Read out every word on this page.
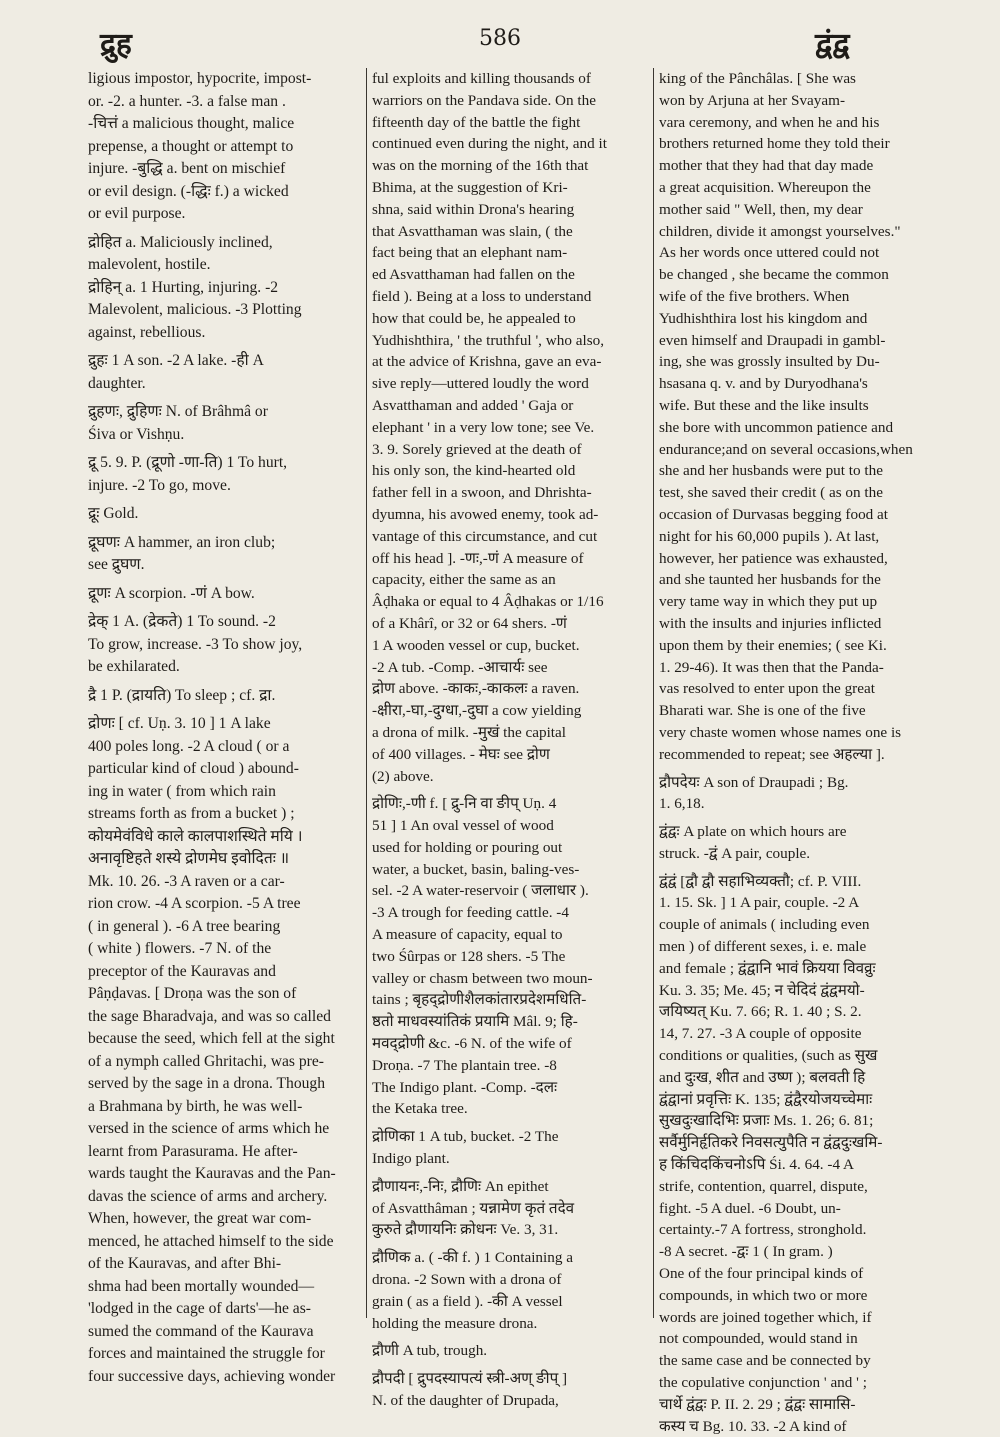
द्रुह	586	द्वंद्व
ligious impostor, hypocrite, impost-
or. -2. a hunter. -3. a false man .
-चित्तं a malicious thought, malice
prepense, a thought or attempt to
injure. -बुद्धि a. bent on mischief
or evil design. (-द्धिः f.) a wicked
or evil purpose.
द्रोहित a. Maliciously inclined,
malevolent, hostile.
द्रोहिन् a. 1 Hurting, injuring. -2
Malevolent, malicious. -3 Plotting
against, rebellious.
द्रुहः 1 A son. -2 A lake. -ही A
daughter.
द्रुहणः, द्रुहिणः N. of Brâhmâ or
Śiva or Vishṇu.
द्रू 5. 9. P. (द्रूणो -णा-ति) 1 To hurt,
injure. -2 To go, move.
द्रूः Gold.
द्रूघणः A hammer, an iron club;
see द्रुघण.
द्रूणः A scorpion. -णं A bow.
द्रेक् 1 A. (द्रेकते) 1 To sound. -2
To grow, increase. -3 To show joy,
be exhilarated.
द्रै 1 P. (द्रायति) To sleep ; cf. द्रा.
द्रोणः [ cf. Uṇ. 3. 10 ] 1 A lake
400 poles long. -2 A cloud ( or a
particular kind of cloud ) abound-
ing in water ( from which rain
streams forth as from a bucket ) ;
कोयमेवंविधे काले कालपाशस्थिते मयि ।
अनावृष्टिहते शस्ये द्रोणमेघ इवोदितः ॥
Mk. 10. 26. -3 A raven or a car-
rion crow. -4 A scorpion. -5 A tree
( in general ). -6 A tree bearing
( white ) flowers. -7 N. of the
preceptor of the Kauravas and
Pâṇḍavas. [ Droṇa was the son of
the sage Bharadvaja, and was so called
because the seed, which fell at the sight
of a nymph called Ghritachi, was pre-
served by the sage in a drona. Though
a Brahmana by birth, he was well-
versed in the science of arms which he
learnt from Parasurama. He after-
wards taught the Kauravas and the Pan-
davas the science of arms and archery.
When, however, the great war com-
menced, he attached himself to the side
of the Kauravas, and after Bhi-
shma had been mortally wounded—
'lodged in the cage of darts'—he as-
sumed the command of the Kaurava
forces and maintained the struggle for
four successive days, achieving wonder
ful exploits and killing thousands of
warriors on the Pandava side. On the
fifteenth day of the battle the fight
continued even during the night, and it
was on the morning of the 16th that
Bhima, at the suggestion of Kri-
shna, said within Drona's hearing
that Asvatthaman was slain, ( the
fact being that an elephant nam-
ed Asvatthaman had fallen on the
field ). Being at a loss to understand
how that could be, he appealed to
Yudhishthira, ' the truthful ', who also,
at the advice of Krishna, gave an eva-
sive reply—uttered loudly the word
Asvatthaman and added ' Gaja or
elephant ' in a very low tone; see Ve.
3. 9. Sorely grieved at the death of
his only son, the kind-hearted old
father fell in a swoon, and Dhrishta-
dyumna, his avowed enemy, took ad-
vantage of this circumstance, and cut
off his head ]. -णः,-णं A measure of
capacity, either the same as an
Âḍhaka or equal to 4 Âḍhakas or 1/16
of a Khârî, or 32 or 64 shers. -णं
1 A wooden vessel or cup, bucket.
-2 A tub. -Comp. -आचार्यः see
द्रोण above. -काकः,-काकलः a raven.
-क्षीरा,-घा,-दुग्धा,-दुघा a cow yielding
a drona of milk. -मुखं the capital
of 400 villages. - मेघः see द्रोण
(2) above.
द्रोणिः,-णी f. [ द्रु-नि वा ङीप् Uṇ. 4
51 ] 1 An oval vessel of wood
used for holding or pouring out
water, a bucket, basin, baling-ves-
sel. -2 A water-reservoir ( जलाधार ).
-3 A trough for feeding cattle. -4
A measure of capacity, equal to
two Śûrpas or 128 shers. -5 The
valley or chasm between two moun-
tains ; बृहद्द्रोणीशैलकांतारप्रदेशमधिति-
ष्ठतो माधवस्यांतिकं प्रयामि Mâl. 9; हि-
मवद्द्रोणी &c. -6 N. of the wife of
Droṇa. -7 The plantain tree. -8
The Indigo plant. -Comp. -दलः
the Ketaka tree.
द्रोणिका 1 A tub, bucket. -2 The
Indigo plant.
द्रौणायनः,-निः, द्रौणिः An epithet
of Asvatthâman ; यन्नामेण कृतं तदेव
कुरुते द्रौणायनिः क्रोधनः Ve. 3, 31.
द्रौणिक a. ( -की f. ) 1 Containing a
drona. -2 Sown with a drona of
grain ( as a field ). -की A vessel
holding the measure drona.
द्रौणी A tub, trough.
द्रौपदी [ द्रुपदस्यापत्यं स्त्री-अण् ङीप् ]
N. of the daughter of Drupada,
king of the Pânchâlas. [ She was
won by Arjuna at her Svayam-
vara ceremony, and when he and his
brothers returned home they told their
mother that they had that day made
a great acquisition. Whereupon the
mother said " Well, then, my dear
children, divide it amongst yourselves."
As her words once uttered could not
be changed , she became the common
wife of the five brothers. When
Yudhishthira lost his kingdom and
even himself and Draupadi in gambl-
ing, she was grossly insulted by Du-
hsasana q. v. and by Duryodhana's
wife. But these and the like insults
she bore with uncommon patience and
endurance;and on several occasions,when
she and her husbands were put to the
test, she saved their credit ( as on the
occasion of Durvasas begging food at
night for his 60,000 pupils ). At last,
however, her patience was exhausted,
and she taunted her husbands for the
very tame way in which they put up
with the insults and injuries inflicted
upon them by their enemies; ( see Ki.
1. 29-46). It was then that the Panda-
vas resolved to enter upon the great
Bharati war. She is one of the five
very chaste women whose names one is
recommended to repeat; see अहल्या ].
द्रौपदेयः A son of Draupadi ; Bg.
1. 6,18.
द्वंद्वः A plate on which hours are
struck. -द्वं A pair, couple.
द्वंद्वं [द्वौ द्वौ सहाभिव्यक्तौ; cf. P. VIII.
1. 15. Sk. ] 1 A pair, couple. -2 A
couple of animals ( including even
men ) of different sexes, i. e. male
and female ; द्वंद्वानि भावं क्रियया विवव्रुः
Ku. 3. 35; Me. 45; न चेदिदं द्वंद्वमयो-
जयिष्यत् Ku. 7. 66; R. 1. 40 ; S. 2.
14, 7. 27. -3 A couple of opposite
conditions or qualities, (such as सुख
and दुःख, शीत and उष्ण ); बलवती हि
द्वंद्वानां प्रवृत्तिः K. 135; द्वंद्वैरयोजयच्चेमाः
सुखदुःखादिभिः प्रजाः Ms. 1. 26; 6. 81;
सर्वैर्मुनिर्हृतिकरे निवसत्युपैति न द्वंद्वदुःखमि-
ह किंचिदकिंचनोऽपि Śi. 4. 64. -4 A
strife, contention, quarrel, dispute,
fight. -5 A duel. -6 Doubt, un-
certainty.-7 A fortress, stronghold.
-8 A secret. -द्वः 1 ( In gram. )
One of the four principal kinds of
compounds, in which two or more
words are joined together which, if
not compounded, would stand in
the same case and be connected by
the copulative conjunction ' and ' ;
चार्थे द्वंद्वः P. II. 2. 29 ; द्वंद्वः सामासि-
कस्य च Bg. 10. 33. -2 A kind of
